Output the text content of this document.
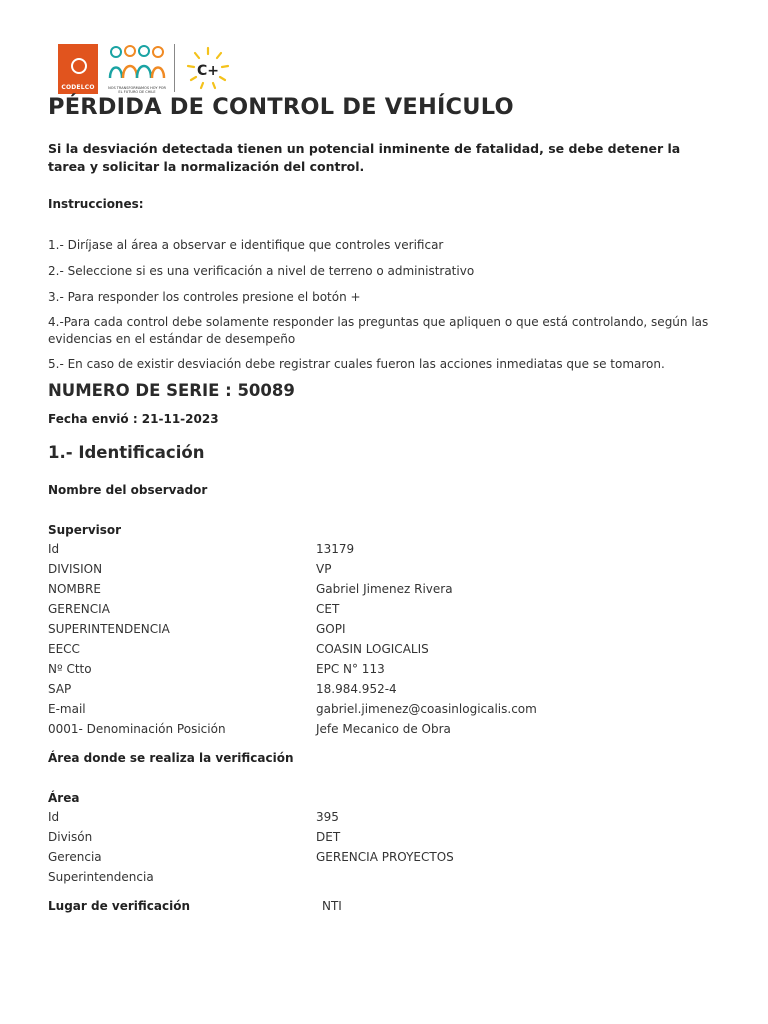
CODELCO	NOS TRANSFORMAMOS HOY POR EL FUTURO DE CHILE
C+
PÉRDIDA DE CONTROL DE VEHÍCULO
Si la desviación detectada tienen un potencial inminente de fatalidad, se debe detener la tarea y solicitar la normalización del control.
Instrucciones:
1.- Diríjase al área a observar e identifique que controles verificar
2.- Seleccione si es una verificación a nivel de terreno o administrativo
3.- Para responder los controles presione el botón +
4.-Para cada control debe solamente responder las preguntas que apliquen o que está controlando, según las evidencias en el estándar de desempeño
5.- En caso de existir desviación debe registrar cuales fueron las acciones inmediatas que se tomaron.
NUMERO DE SERIE : 50089
Fecha envió : 21-11-2023
1.- Identificación
Nombre del observador
Supervisor
Id	13179
DIVISION	VP
NOMBRE	Gabriel Jimenez Rivera
GERENCIA	CET
SUPERINTENDENCIA	GOPI
EECC	COASIN LOGICALIS
Nº Ctto	EPC N° 113
SAP	18.984.952-4
E-mail	gabriel.jimenez@coasinlogicalis.com
0001- Denominación Posición	Jefe Mecanico de Obra
Área donde se realiza la verificación
Área
Id	395
Divisón	DET
Gerencia	GERENCIA PROYECTOS
Superintendencia
Lugar de verificación	NTI
